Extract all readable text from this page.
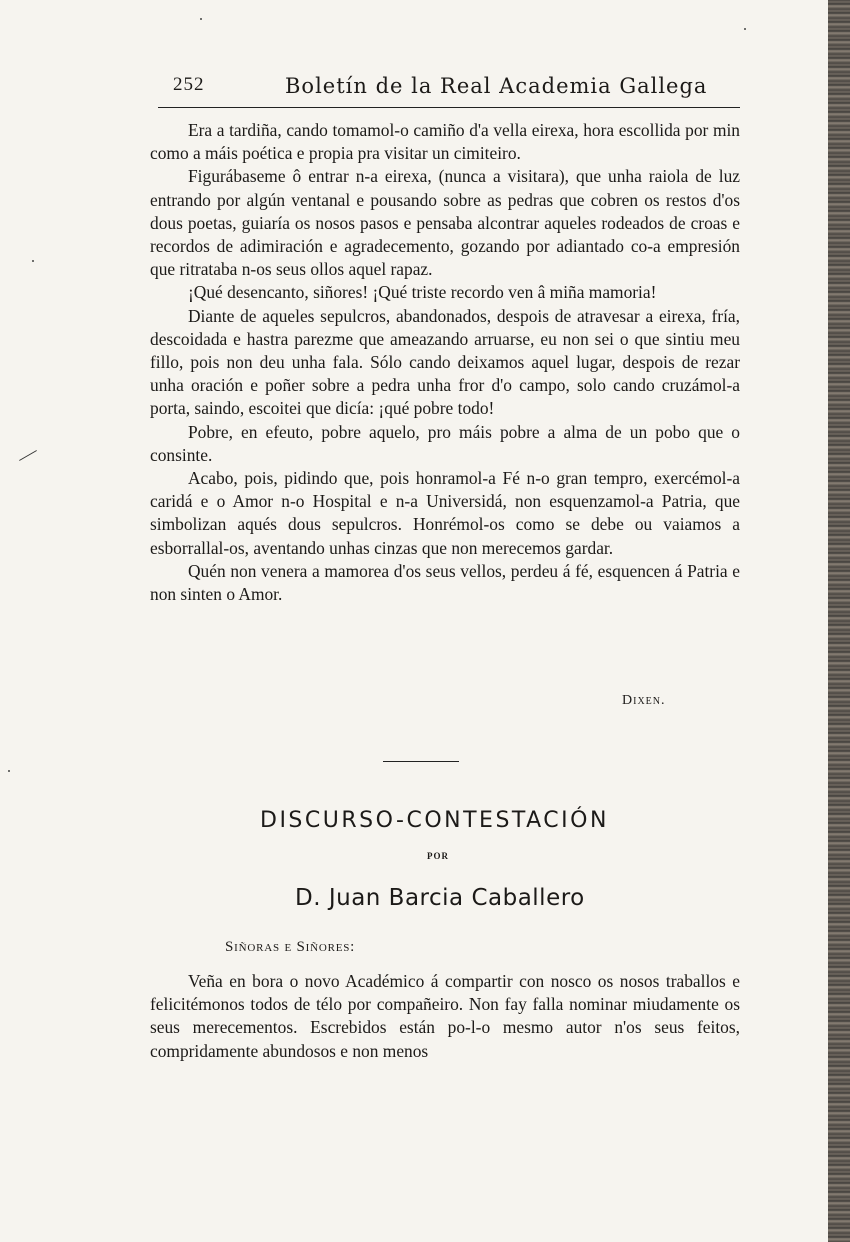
252	Boletín de la Real Academia Gallega

Era a tardiña, cando tomamol-o camiño d'a vella eirexa, hora escollida por min como a máis poética e propia pra visitar un cimiteiro.

Figurábaseme ô entrar n-a eirexa, (nunca a visitara), que unha raiola de luz entrando por algún ventanal e pousando sobre as pedras que cobren os restos d'os dous poetas, guiaría os nosos pasos e pensaba alcontrar aqueles rodeados de croas e recordos de adimiración e agradecemento, gozando por adiantado co-a empresión que ritrataba n-os seus ollos aquel rapaz.

¡Qué desencanto, siñores! ¡Qué triste recordo ven â miña mamoria!

Diante de aqueles sepulcros, abandonados, despois de atravesar a eirexa, fría, descoidada e hastra parezme que ameazando arruarse, eu non sei o que sintiu meu fillo, pois non deu unha fala. Sólo cando deixamos aquel lugar, despois de rezar unha oración e poñer sobre a pedra unha fror d'o campo, solo cando cruzámol-a porta, saindo, escoitei que dicía: ¡qué pobre todo!

Pobre, en efeuto, pobre aquelo, pro máis pobre a alma de un pobo que o consinte.

Acabo, pois, pidindo que, pois honramol-a Fé n-o gran tempro, exercémol-a caridá e o Amor n-o Hospital e n-a Universidá, non esquenzamol-a Patria, que simbolizan aqués dous sepulcros. Honrémol-os como se debe ou vaiamos a esborrallal-os, aventando unhas cinzas que non merecemos gardar.

Quén non venera a mamorea d'os seus vellos, perdeu á fé, esquencen á Patria e non sinten o Amor.

Dixen.
DISCURSO-CONTESTACIÓN
POR
D. Juan Barcia Caballero
Siñoras e Siñores:

Veña en bora o novo Académico á compartir con nosco os nosos traballos e felicitémonos todos de télo por compañeiro. Non fay falla nominar miudamente os seus merecementos. Escrebidos están po-l-o mesmo autor n'os seus feitos, compridamente abundosos e non menos
